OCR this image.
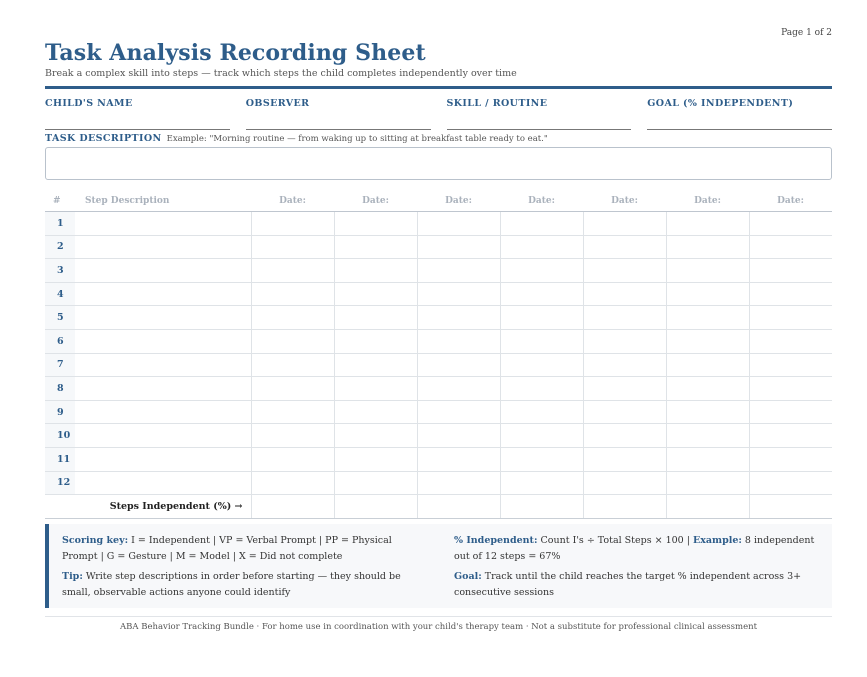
Page 1 of 2
Task Analysis Recording Sheet
Break a complex skill into steps — track which steps the child completes independently over time
CHILD'S NAME	OBSERVER	SKILL / ROUTINE	GOAL (% INDEPENDENT)
TASK DESCRIPTION Example: "Morning routine — from waking up to sitting at breakfast table ready to eat."
#	Step Description	Date:	Date:	Date:	Date:	Date:	Date:	Date:
1								
2								
3								
4								
5								
6								
7								
8								
9								
10								
11								
12								
Steps Independent (%) →								

Scoring key: I = Independent | VP = Verbal Prompt | PP = Physical Prompt | G = Gesture | M = Model | X = Did not complete

Tip: Write step descriptions in order before starting — they should be small, observable actions anyone could identify

% Independent: Count I's ÷ Total Steps × 100 | Example: 8 independent out of 12 steps = 67%

Goal: Track until the child reaches the target % independent across 3+ consecutive sessions

ABA Behavior Tracking Bundle · For home use in coordination with your child's therapy team · Not a substitute for professional clinical assessment
